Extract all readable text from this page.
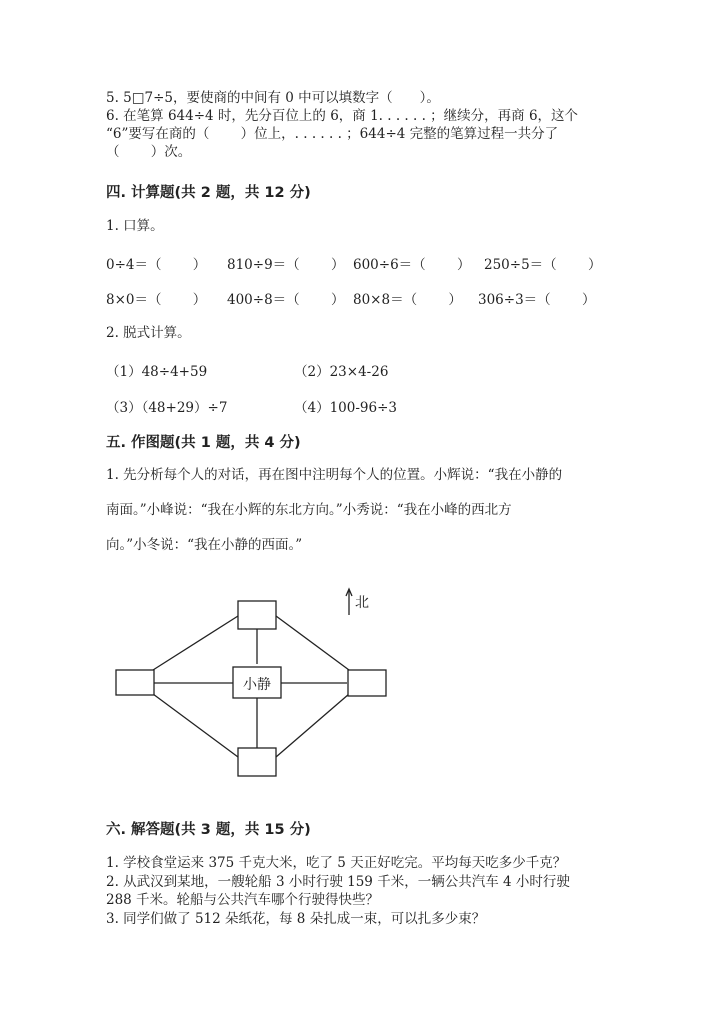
5. 5□7÷5，要使商的中间有 0 中可以填数字（　　）。
6. 在笔算 644÷4 时，先分百位上的 6，商 1. . . . . . ；继续分，再商 6，这个
“6”要写在商的（　　 ）位上，. . . . . . ；644÷4 完整的笔算过程一共分了
（　　 ）次。
四. 计算题(共 2 题，共 12 分)
1. 口算。

0÷4＝（　　 ）

810÷9＝（　　 ）

600÷6＝（　　 ）

250÷5＝（　　 ）

8×0＝（　　 ）

400÷8＝（　　 ）

80×8＝（　　 ）

306÷3＝（　　 ）

2. 脱式计算。

（1）48÷4+59

	（2）23×4-26

（3）（48+29）÷7

	（4）100-96÷3

五. 作图题(共 1 题，共 4 分)
1. 先分析每个人的对话，再在图中注明每个人的位置。小辉说：“我在小静的
南面。”小峰说：“我在小辉的东北方向。”小秀说：“我在小峰的西北方
向。”小冬说：“我在小静的西面。”
小静
北
六. 解答题(共 3 题，共 15 分)
1. 学校食堂运来 375 千克大米，吃了 5 天正好吃完。平均每天吃多少千克？
2. 从武汉到某地，一艘轮船 3 小时行驶 159 千米，一辆公共汽车 4 小时行驶
288 千米。轮船与公共汽车哪个行驶得快些？
3. 同学们做了 512 朵纸花，每 8 朵扎成一束，可以扎多少束？
